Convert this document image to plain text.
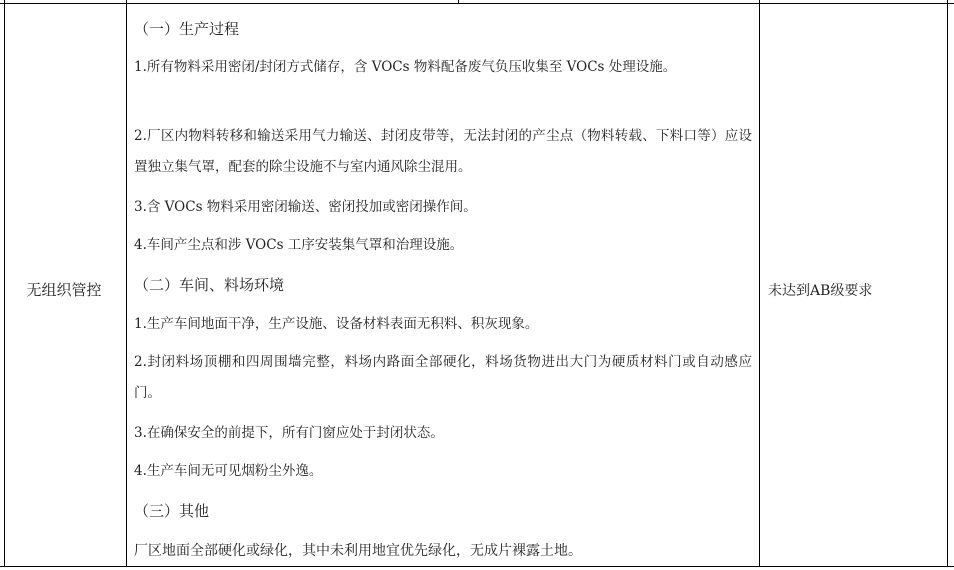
无组织管控
（一）生产过程
1.所有物料采用密闭/封闭方式储存，含 VOCs 物料配备废气负压收集至 VOCs 处理设施。
2.厂区内物料转移和输送采用气力输送、封闭皮带等，无法封闭的产尘点（物料转载、下料口等）应设置独立集气罩，配套的除尘设施不与室内通风除尘混用。
3.含 VOCs 物料采用密闭输送、密闭投加或密闭操作间。
4.车间产尘点和涉 VOCs 工序安装集气罩和治理设施。
（二）车间、料场环境
1.生产车间地面干净，生产设施、设备材料表面无积料、积灰现象。
2.封闭料场顶棚和四周围墙完整，料场内路面全部硬化，料场货物进出大门为硬质材料门或自动感应门。
3.在确保安全的前提下，所有门窗应处于封闭状态。
4.生产车间无可见烟粉尘外逸。
（三）其他
厂区地面全部硬化或绿化，其中未利用地宜优先绿化，无成片裸露土地。
未达到AB级要求
